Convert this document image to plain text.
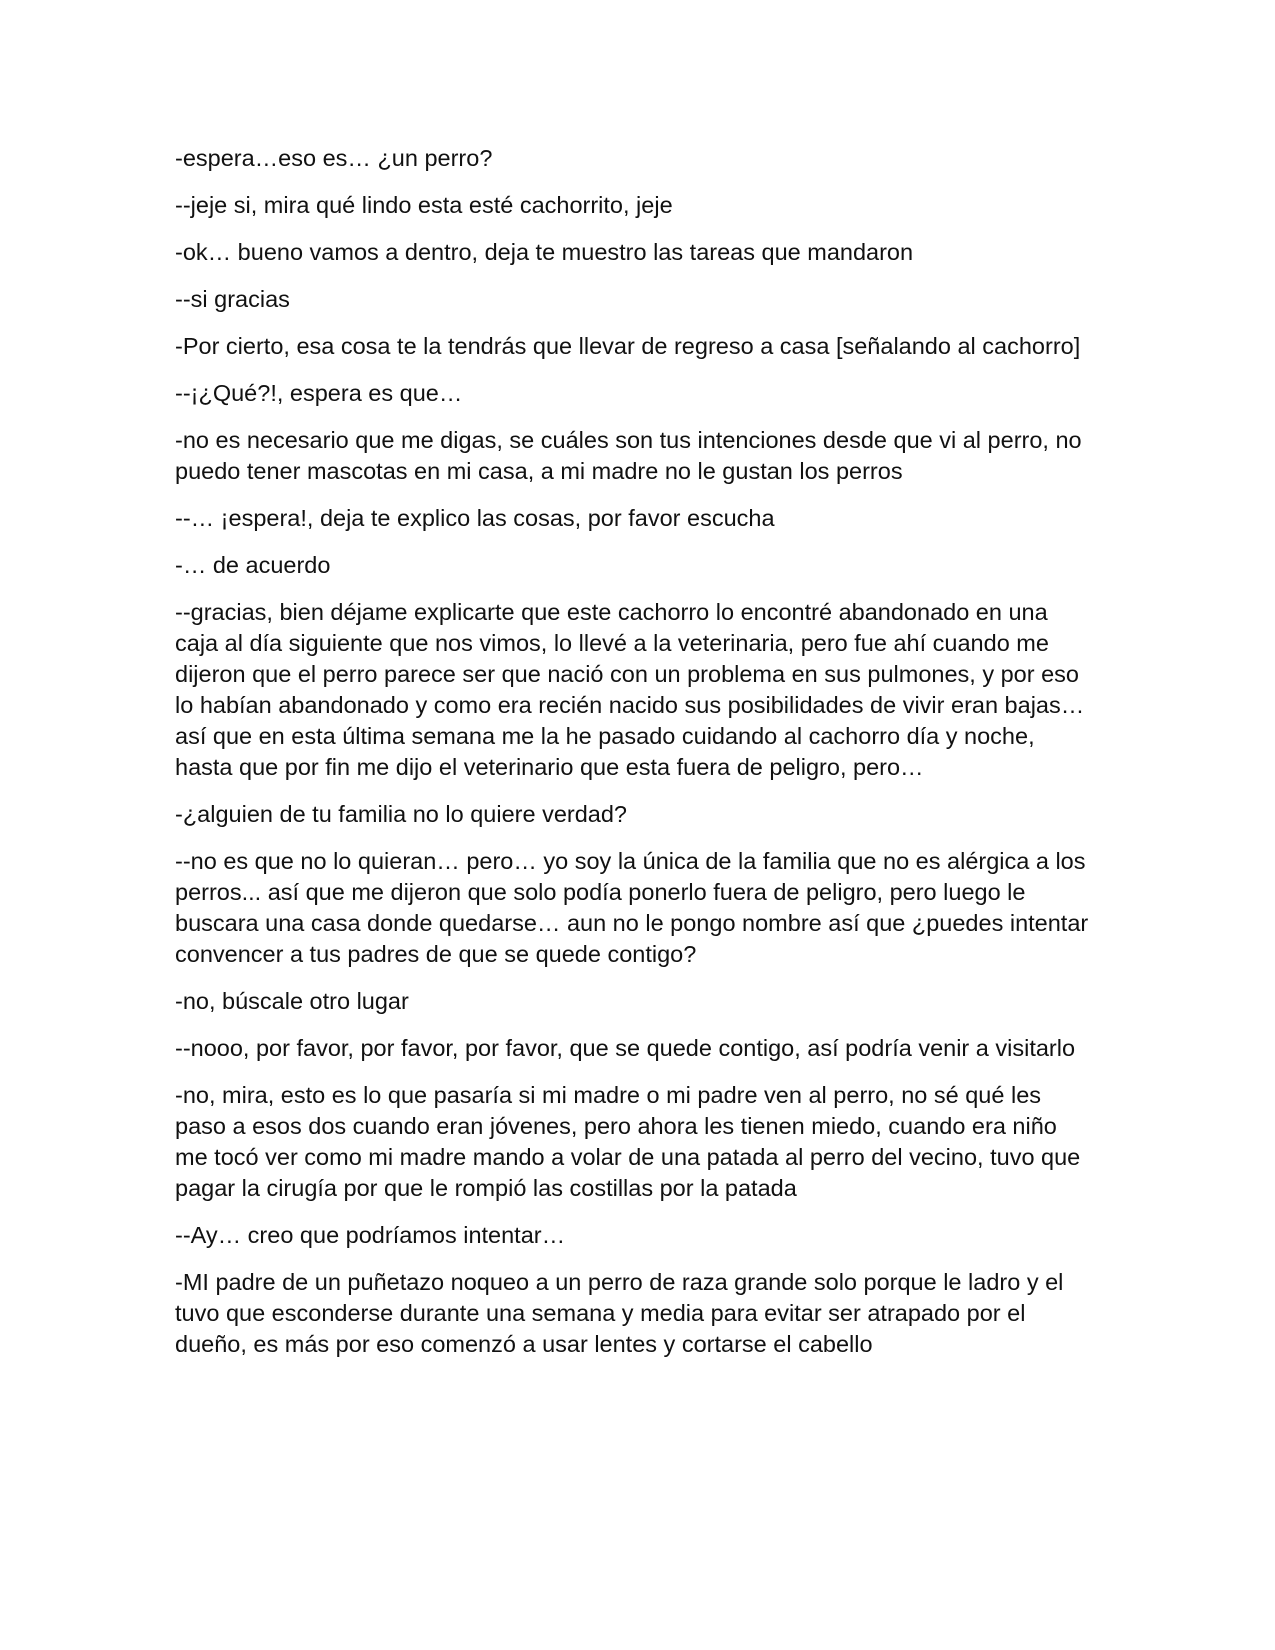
-espera…eso es… ¿un perro?

--jeje si, mira qué lindo esta esté cachorrito, jeje

-ok… bueno vamos a dentro, deja te muestro las tareas que mandaron

--si gracias

-Por cierto, esa cosa te la tendrás que llevar de regreso a casa [señalando al cachorro]

--¡¿Qué?!, espera es que…

-no es necesario que me digas, se cuáles son tus intenciones desde que vi al perro, no puedo tener mascotas en mi casa, a mi madre no le gustan los perros

--… ¡espera!, deja te explico las cosas, por favor escucha

-… de acuerdo

--gracias, bien déjame explicarte que este cachorro lo encontré abandonado en una caja al día siguiente que nos vimos, lo llevé a la veterinaria, pero fue ahí cuando me dijeron que el perro parece ser que nació con un problema en sus pulmones, y por eso lo habían abandonado y como era recién nacido sus posibilidades de vivir eran bajas… así que en esta última semana me la he pasado cuidando al cachorro día y noche, hasta que por fin me dijo el veterinario que esta fuera de peligro, pero…

-¿alguien de tu familia no lo quiere verdad?

--no es que no lo quieran… pero… yo soy la única de la familia que no es alérgica a los perros... así que me dijeron que solo podía ponerlo fuera de peligro, pero luego le buscara una casa donde quedarse… aun no le pongo nombre así que ¿puedes intentar convencer a tus padres de que se quede contigo?

-no, búscale otro lugar

--nooo, por favor, por favor, por favor, que se quede contigo, así podría venir a visitarlo

-no, mira, esto es lo que pasaría si mi madre o mi padre ven al perro, no sé qué les paso a esos dos cuando eran jóvenes, pero ahora les tienen miedo, cuando era niño me tocó ver como mi madre mando a volar de una patada al perro del vecino, tuvo que pagar la cirugía por que le rompió las costillas por la patada

--Ay… creo que podríamos intentar…

-MI padre de un puñetazo noqueo a un perro de raza grande solo porque le ladro y el tuvo que esconderse durante una semana y media para evitar ser atrapado por el dueño, es más por eso comenzó a usar lentes y cortarse el cabello
